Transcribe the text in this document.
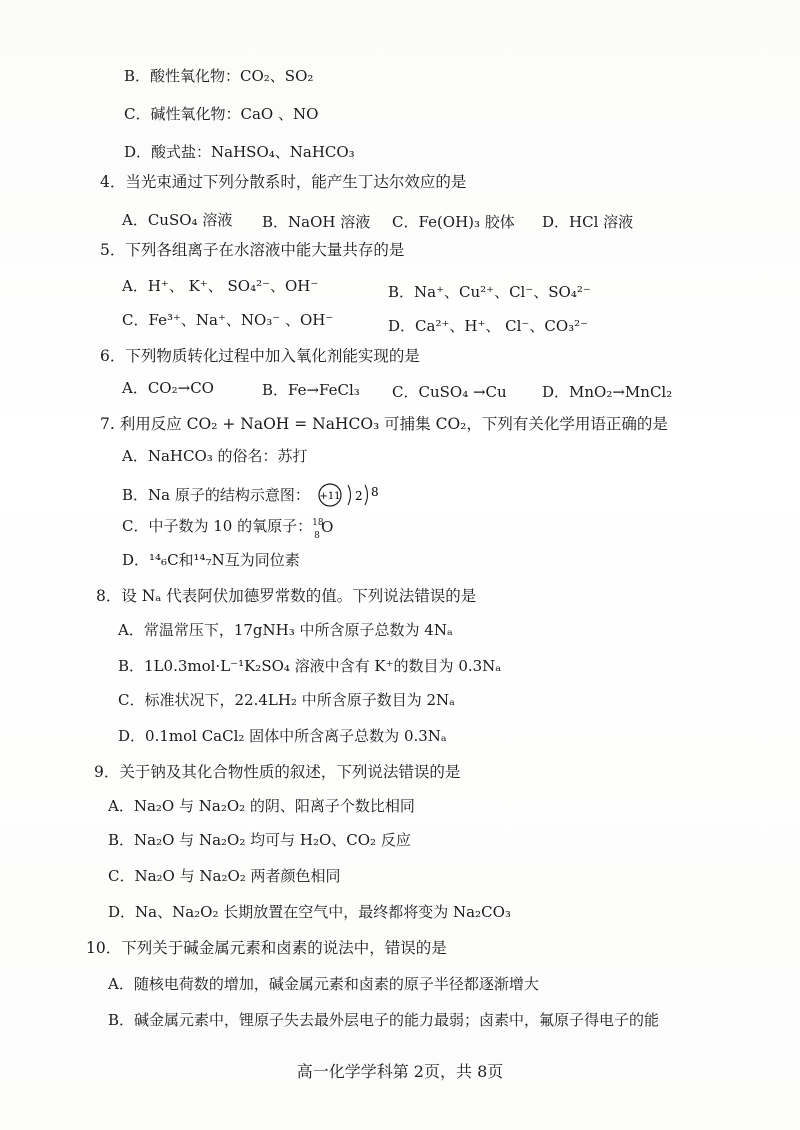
B．酸性氧化物：CO₂、SO₂
C．碱性氧化物：CaO 、NO
D．酸式盐：NaHSO₄、NaHCO₃
4．当光束通过下列分散系时，能产生丁达尔效应的是
A．CuSO₄ 溶液 B．NaOH 溶液 C．Fe(OH)₃ 胶体 D．HCl 溶液
5．下列各组离子在水溶液中能大量共存的是
A．H⁺、 K⁺、 SO₄²⁻、OH⁻	B．Na⁺、Cu²⁺、Cl⁻、SO₄²⁻
C．Fe³⁺、Na⁺、NO₃⁻ 、OH⁻	D．Ca²⁺、H⁺、 Cl⁻、CO₃²⁻
6．下列物质转化过程中加入氧化剂能实现的是
A．CO₂→CO	B．Fe→FeCl₃ C．CuSO₄ →Cu D．MnO₂→MnCl₂
7. 利用反应 CO₂ + NaOH = NaHCO₃ 可捕集 CO₂，下列有关化学用语正确的是
A．NaHCO₃ 的俗名：苏打
B．Na 原子的结构示意图： +11 2 8
C．中子数为 10 的氧原子： 18
8 O
D．¹⁴₆C和¹⁴₇N互为同位素
8．设 Nₐ 代表阿伏加德罗常数的值。下列说法错误的是
A．常温常压下，17gNH₃ 中所含原子总数为 4Nₐ
B．1L0.3mol·L⁻¹K₂SO₄ 溶液中含有 K⁺的数目为 0.3Nₐ
C．标准状况下，22.4LH₂ 中所含原子数目为 2Nₐ
D．0.1mol CaCl₂ 固体中所含离子总数为 0.3Nₐ
9．关于钠及其化合物性质的叙述，下列说法错误的是
A．Na₂O 与 Na₂O₂ 的阴、阳离子个数比相同
B．Na₂O 与 Na₂O₂ 均可与 H₂O、CO₂ 反应
C．Na₂O 与 Na₂O₂ 两者颜色相同
D．Na、Na₂O₂ 长期放置在空气中，最终都将变为 Na₂CO₃
10．下列关于碱金属元素和卤素的说法中，错误的是
A．随核电荷数的增加，碱金属元素和卤素的原子半径都逐渐增大
B．碱金属元素中，锂原子失去最外层电子的能力最弱；卤素中，氟原子得电子的能
高一化学学科第 2页，共 8页
